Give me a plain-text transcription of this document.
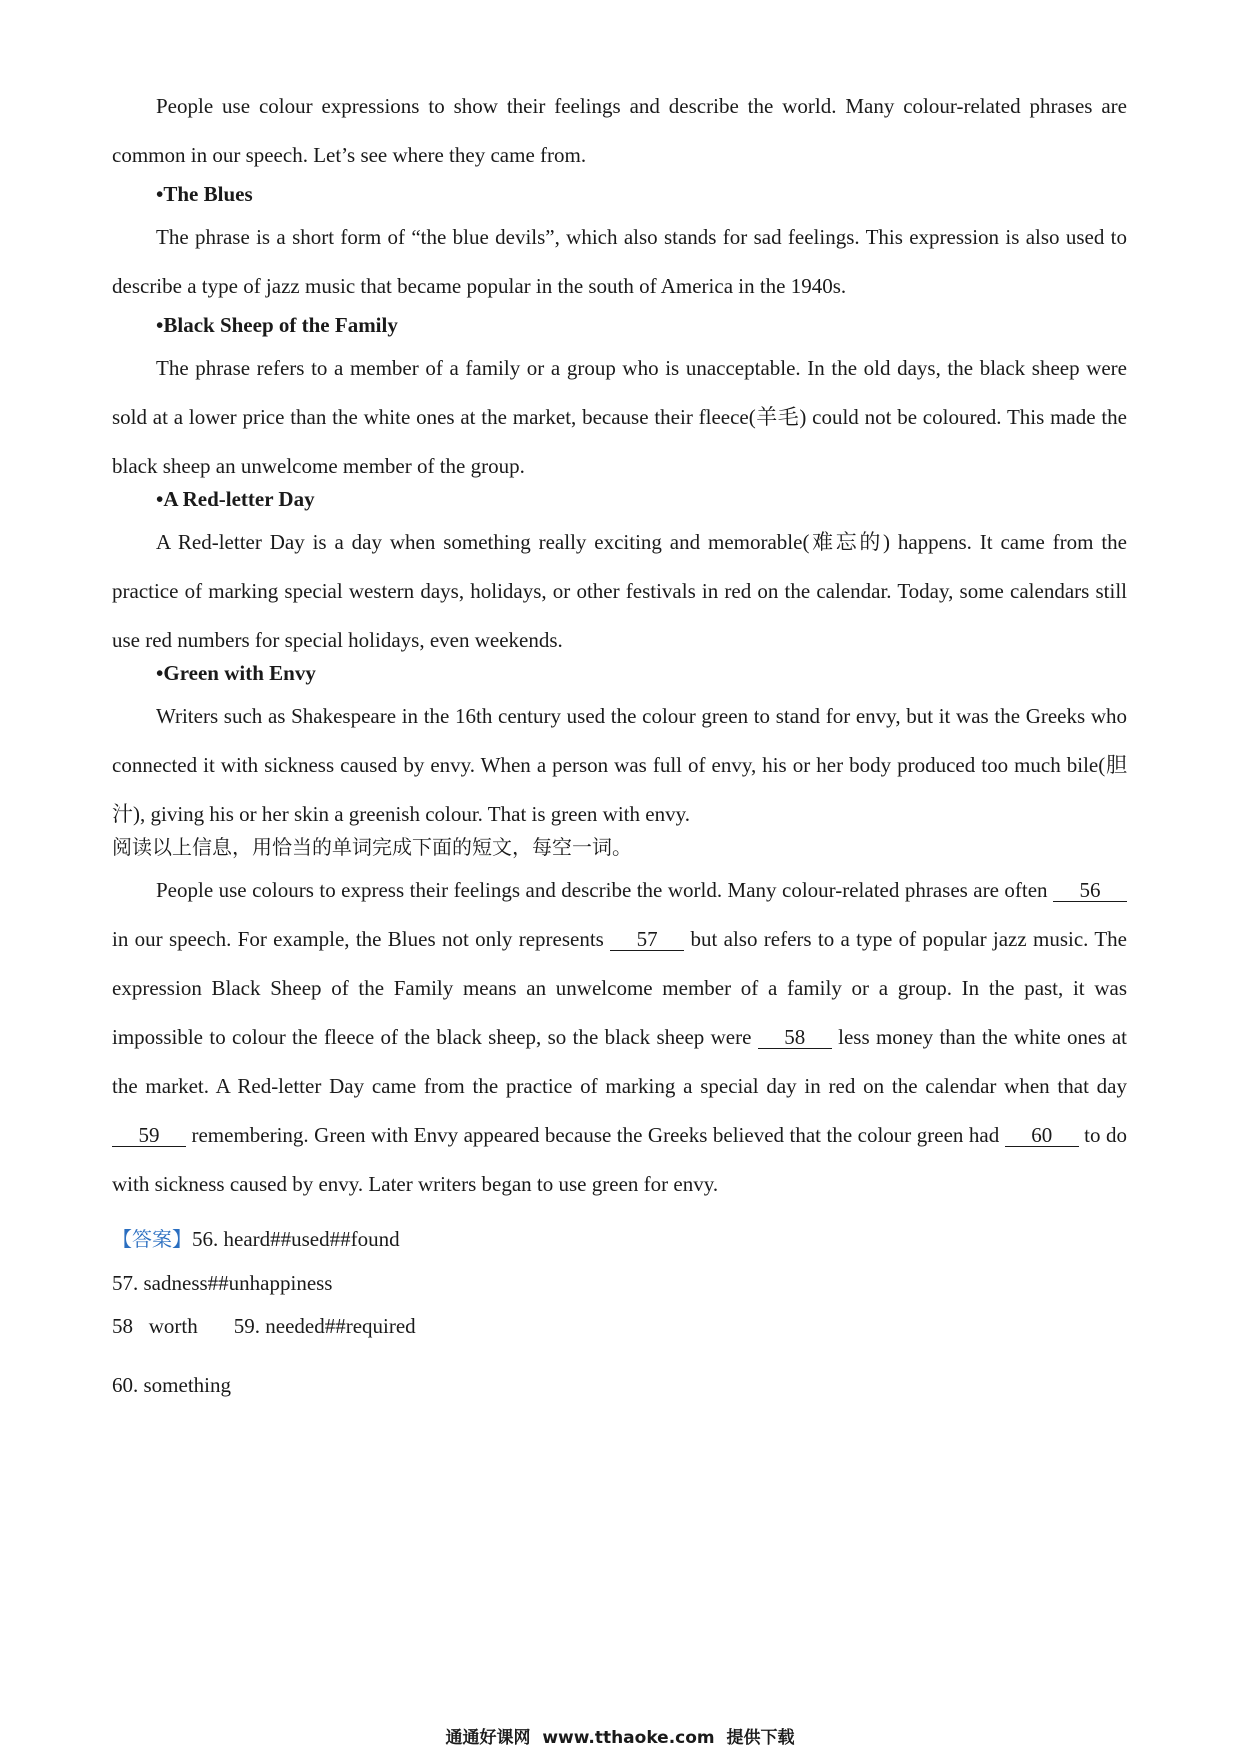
People use colour expressions to show their feelings and describe the world. Many colour-related phrases are common in our speech. Let’s see where they came from.

•The Blues

The phrase is a short form of “the blue devils”, which also stands for sad feelings. This expression is also used to describe a type of jazz music that became popular in the south of America in the 1940s.

•Black Sheep of the Family

The phrase refers to a member of a family or a group who is unacceptable. In the old days, the black sheep were sold at a lower price than the white ones at the market, because their fleece(羊毛) could not be coloured. This made the black sheep an unwelcome member of the group.

•A Red-letter Day

A Red-letter Day is a day when something really exciting and memorable(难忘的) happens. It came from the practice of marking special western days, holidays, or other festivals in red on the calendar. Today, some calendars still use red numbers for special holidays, even weekends.

•Green with Envy

Writers such as Shakespeare in the 16th century used the colour green to stand for envy, but it was the Greeks who connected it with sickness caused by envy. When a person was full of envy, his or her body produced too much bile(胆汁), giving his or her skin a greenish colour. That is green with envy.

阅读以上信息，用恰当的单词完成下面的短文，每空一词。

People use colours to express their feelings and describe the world. Many colour-related phrases are often 56 in our speech. For example, the Blues not only represents 57 but also refers to a type of popular jazz music. The expression Black Sheep of the Family means an unwelcome member of a family or a group. In the past, it was impossible to colour the fleece of the black sheep, so the black sheep were 58 less money than the white ones at the market. A Red-letter Day came from the practice of marking a special day in red on the calendar when that day 59 remembering. Green with Envy appeared because the Greeks believed that the colour green had 60 to do with sickness caused by envy. Later writers began to use green for envy.

【答案】56. heard##used##found

57. sadness##unhappiness

58   worth 59. needed##required

60. something

通通好课网  www.tthaoke.com  提供下载
